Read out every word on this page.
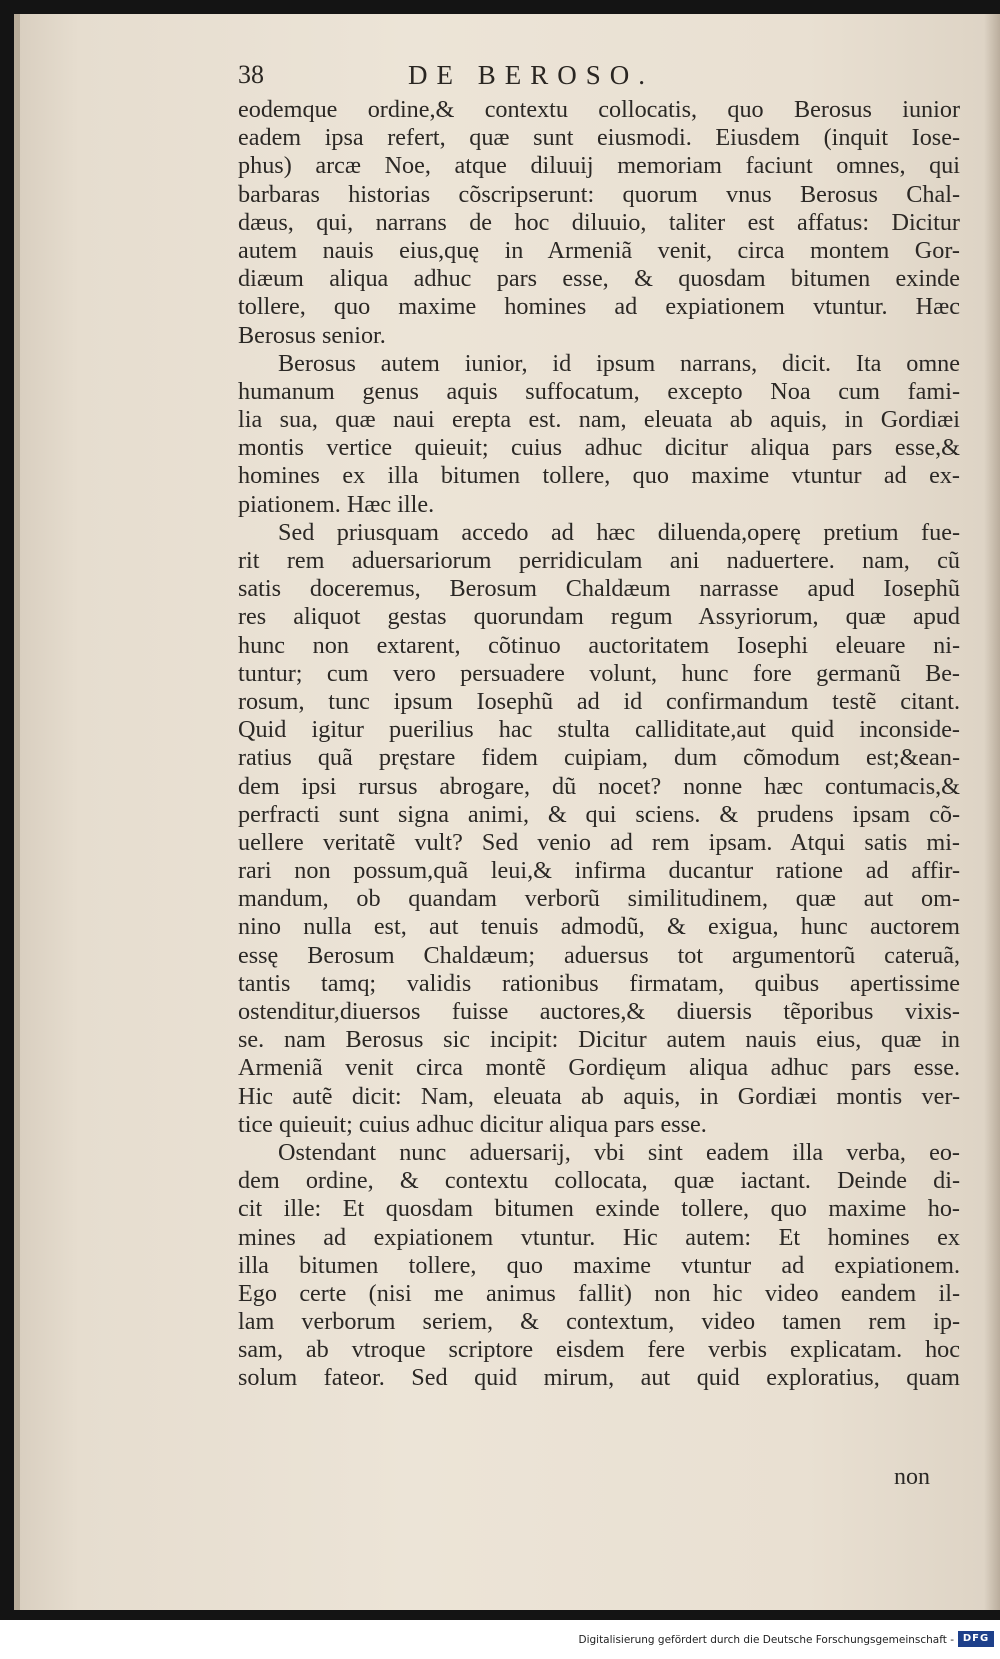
38	DE BEROSO.
eodemque ordine,& contextu collocatis, quo Berosus iunior
eadem ipsa refert, quæ sunt eiusmodi. Eiusdem (inquit Iose-
phus) arcæ Noe, atque diluuij memoriam faciunt omnes, qui
barbaras historias cõscripserunt: quorum vnus Berosus Chal-
dæus, qui, narrans de hoc diluuio, taliter est affatus: Dicitur
autem nauis eius,quę in Armeniã venit, circa montem Gor-
diæum aliqua adhuc pars esse, & quosdam bitumen exinde
tollere, quo maxime homines ad expiationem vtuntur. Hæc
Berosus senior.
Berosus autem iunior, id ipsum narrans, dicit. Ita omne
humanum genus aquis suffocatum, excepto Noa cum fami-
lia sua, quæ naui erepta est. nam, eleuata ab aquis, in Gordiæi
montis vertice quieuit; cuius adhuc dicitur aliqua pars esse,&
homines ex illa bitumen tollere, quo maxime vtuntur ad ex-
piationem. Hæc ille.
Sed priusquam accedo ad hæc diluenda,operę pretium fue-
rit rem aduersariorum perridiculam ani naduertere. nam, cũ
satis doceremus, Berosum Chaldæum narrasse apud Iosephũ
res aliquot gestas quorundam regum Assyriorum, quæ apud
hunc non extarent, cõtinuo auctoritatem Iosephi eleuare ni-
tuntur; cum vero persuadere volunt, hunc fore germanũ Be-
rosum, tunc ipsum Iosephũ ad id confirmandum testẽ citant.
Quid igitur puerilius hac stulta calliditate,aut quid inconside-
ratius quã pręstare fidem cuipiam, dum cõmodum est;&ean-
dem ipsi rursus abrogare, dũ nocet? nonne hæc contumacis,&
perfracti sunt signa animi, & qui sciens. & prudens ipsam cõ-
uellere veritatẽ vult? Sed venio ad rem ipsam. Atqui satis mi-
rari non possum,quã leui,& infirma ducantur ratione ad affir-
mandum, ob quandam verborũ similitudinem, quæ aut om-
nino nulla est, aut tenuis admodũ, & exigua, hunc auctorem
essę Berosum Chaldæum; aduersus tot argumentorũ cateruã,
tantis tamq; validis rationibus firmatam, quibus apertissime
ostenditur,diuersos fuisse auctores,& diuersis tẽporibus vixis-
se. nam Berosus sic incipit: Dicitur autem nauis eius, quæ in
Armeniã venit circa montẽ Gordięum aliqua adhuc pars esse.
Hic autẽ dicit: Nam, eleuata ab aquis, in Gordiæi montis ver-
tice quieuit; cuius adhuc dicitur aliqua pars esse.
Ostendant nunc aduersarij, vbi sint eadem illa verba, eo-
dem ordine, & contextu collocata, quæ iactant. Deinde di-
cit ille: Et quosdam bitumen exinde tollere, quo maxime ho-
mines ad expiationem vtuntur. Hic autem: Et homines ex
illa bitumen tollere, quo maxime vtuntur ad expiationem.
Ego certe (nisi me animus fallit) non hic video eandem il-
lam verborum seriem, & contextum, video tamen rem ip-
sam, ab vtroque scriptore eisdem fere verbis explicatam. hoc
solum fateor. Sed quid mirum, aut quid exploratius, quam
non
Digitalisierung gefördert durch die Deutsche Forschungsgemeinschaft - DFG
